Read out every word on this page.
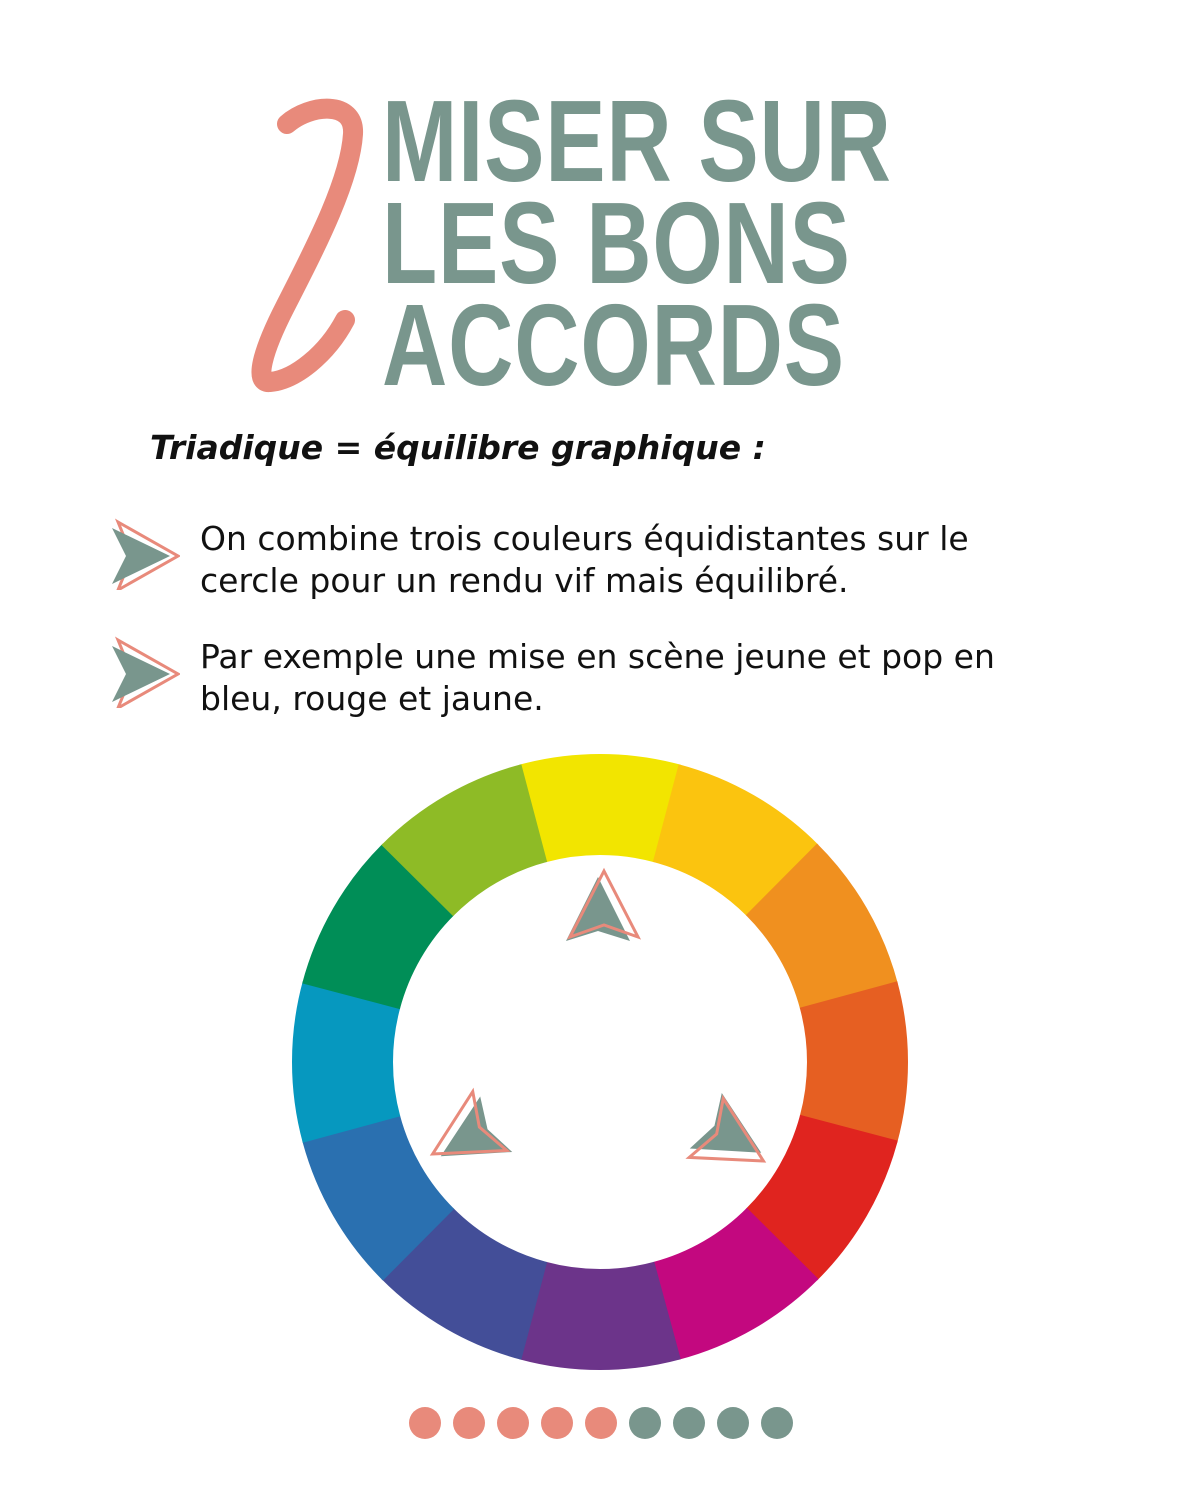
MISER SUR
LES BONS
ACCORDS

Triadique = équilibre graphique :

On combine trois couleurs équidistantes sur le
cercle pour un rendu vif mais équilibré.
Par exemple une mise en scène jeune et pop en
bleu, rouge et jaune.
